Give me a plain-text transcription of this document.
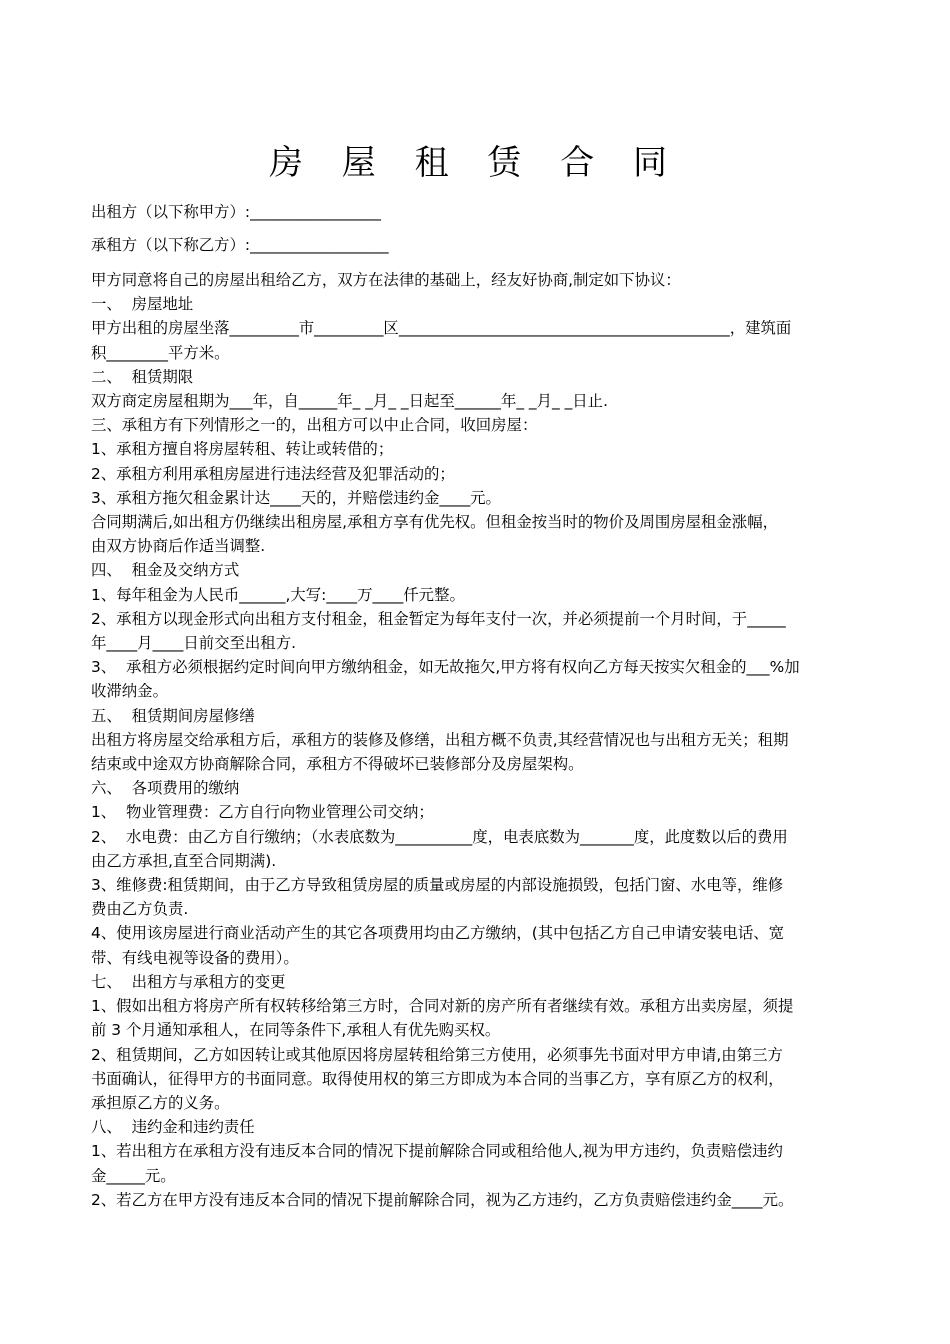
房 屋 租 赁 合 同

出租方（以下称甲方）:_________________

承租方（以下称乙方）:__________________

甲方同意将自己的房屋出租给乙方，双方在法律的基础上，经友好协商,制定如下协议：

一、  房屋地址

甲方出租的房屋坐落_________市_________区___________________________________________，建筑面

积________平方米。

二、  租赁期限

双方商定房屋租期为___年，自_____年_ _月_ _日起至______年_ _月_ _日止.

三、承租方有下列情形之一的，出租方可以中止合同，收回房屋：

1、承租方擅自将房屋转租、转让或转借的；

2、承租方利用承租房屋进行违法经营及犯罪活动的；

3、承租方拖欠租金累计达____天的，并赔偿违约金____元。

合同期满后,如出租方仍继续出租房屋,承租方享有优先权。但租金按当时的物价及周围房屋租金涨幅，

由双方协商后作适当调整.

四、  租金及交纳方式

1、每年租金为人民币______,大写:____万____仟元整。

2、承租方以现金形式向出租方支付租金，租金暂定为每年支付一次，并必须提前一个月时间，于_____

年____月____日前交至出租方.

3、  承租方必须根据约定时间向甲方缴纳租金，如无故拖欠,甲方将有权向乙方每天按实欠租金的___%加

收滞纳金。

五、  租赁期间房屋修缮

出租方将房屋交给承租方后，承租方的装修及修缮，出租方概不负责,其经营情况也与出租方无关；租期

结束或中途双方协商解除合同，承租方不得破坏已装修部分及房屋架构。

六、  各项费用的缴纳

1、  物业管理费：乙方自行向物业管理公司交纳；

2、  水电费：由乙方自行缴纳；（水表底数为__________度，电表底数为_______度，此度数以后的费用

由乙方承担,直至合同期满).

3、维修费:租赁期间，由于乙方导致租赁房屋的质量或房屋的内部设施损毁，包括门窗、水电等，维修

费由乙方负责.

4、使用该房屋进行商业活动产生的其它各项费用均由乙方缴纳，(其中包括乙方自己申请安装电话、宽

带、有线电视等设备的费用）。

七、  出租方与承租方的变更

1、假如出租方将房产所有权转移给第三方时，合同对新的房产所有者继续有效。承租方出卖房屋，须提

前 3 个月通知承租人，在同等条件下,承租人有优先购买权。

2、租赁期间，乙方如因转让或其他原因将房屋转租给第三方使用，必须事先书面对甲方申请,由第三方

书面确认，征得甲方的书面同意。取得使用权的第三方即成为本合同的当事乙方，享有原乙方的权利，

承担原乙方的义务。

八、  违约金和违约责任

1、若出租方在承租方没有违反本合同的情况下提前解除合同或租给他人,视为甲方违约，负责赔偿违约

金_____元。

2、若乙方在甲方没有违反本合同的情况下提前解除合同，视为乙方违约，乙方负责赔偿违约金____元。
